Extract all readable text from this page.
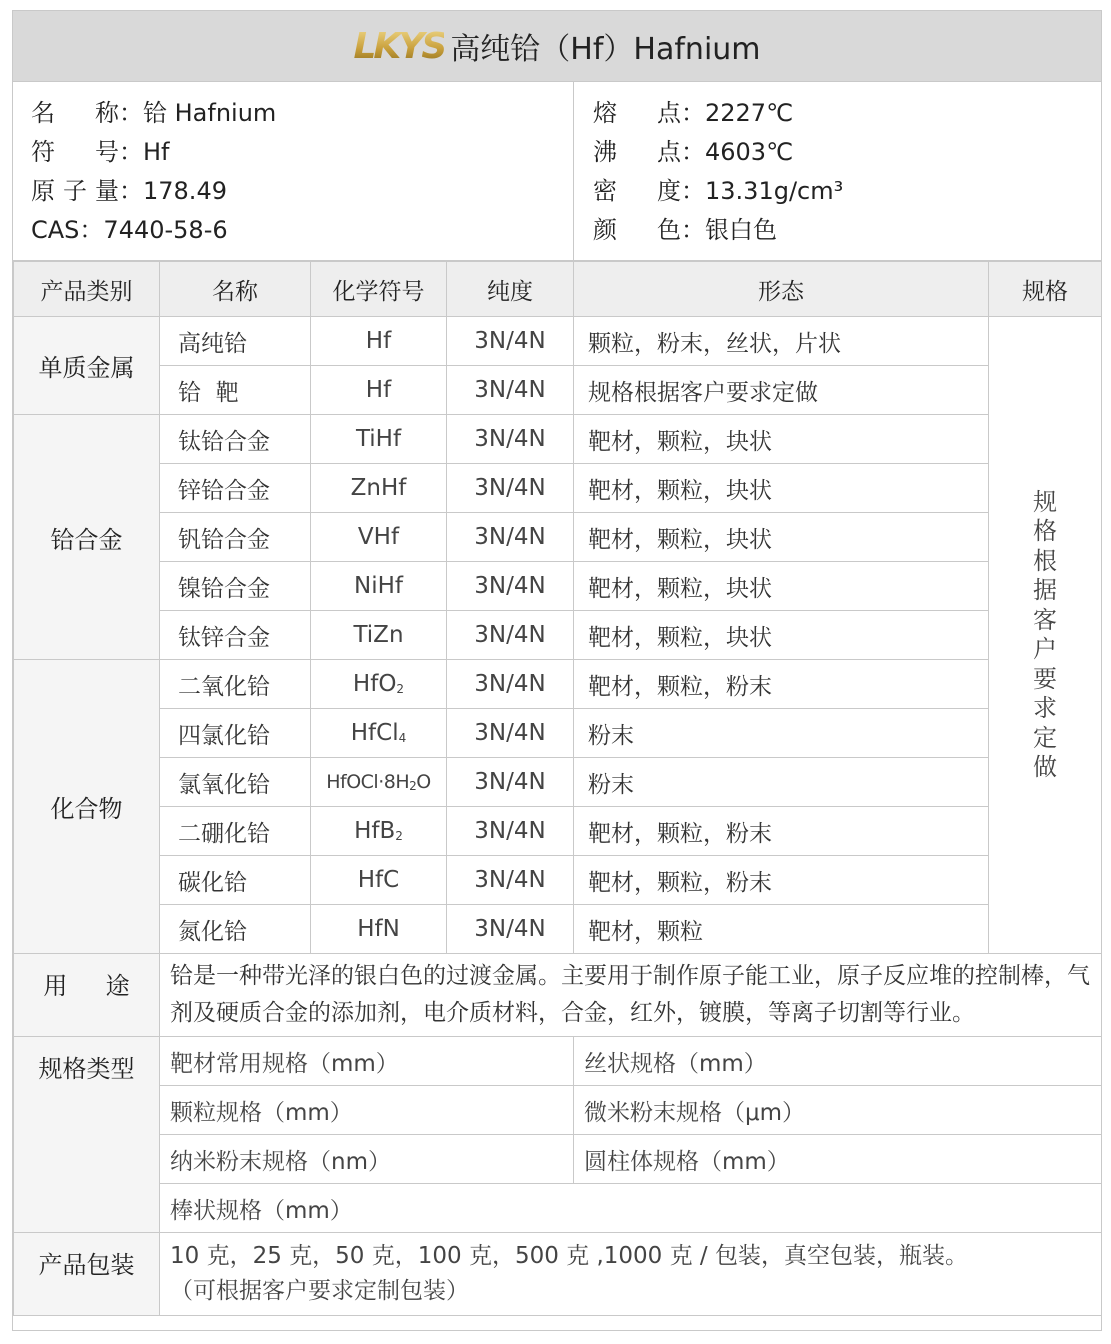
LKYS 高纯铪（Hf）Hafnium
名 称：铪 Hafnium
符 号：Hf
原子量：178.49
CAS：7440-58-6
熔 点：2227℃
沸 点：4603℃
密 度：13.31g/cm³
颜 色：银白色
产品类别	名称	化学符号	纯度	形态	规格
单质金属	高纯铪	Hf	3N/4N	颗粒，粉末，丝状，片状	规格根据客户要求定做
	铪  靶	Hf	3N/4N	规格根据客户要求定做	
铪合金	钛铪合金	TiHf	3N/4N	靶材，颗粒，块状	
	锌铪合金	ZnHf	3N/4N	靶材，颗粒，块状	
	钒铪合金	VHf	3N/4N	靶材，颗粒，块状	
	镍铪合金	NiHf	3N/4N	靶材，颗粒，块状	
	钛锌合金	TiZn	3N/4N	靶材，颗粒，块状	
化合物	二氧化铪	HfO$_2$	3N/4N	靶材，颗粒，粉末	
	四氯化铪	HfCl$_4$	3N/4N	粉末	
	氯氧化铪	$HfOCl\cdot 8H_2O$	3N/4N	粉末	
	二硼化铪	HfB$_2$	3N/4N	靶材，颗粒，粉末	
	碳化铪	HfC	3N/4N	靶材，颗粒，粉末	
	氮化铪	HfN	3N/4N	靶材，颗粒	
用     途	铪是一种带光泽的银白色的过渡金属。主要用于制作原子能工业，原子反应堆的控制棒，气剂及硬质合金的添加剂，电介质材料，合金，红外，镀膜，等离子切割等行业。				

规格类型	靶材常用规格（mm）			丝状规格（mm）	
	颗粒规格（mm）			微米粉末规格（μm）	
	纳米粉末规格（nm）			圆柱体规格（mm）	
	棒状规格（mm）				
产品包装	10 克，25 克，50 克，100 克，500 克 ,1000 克 / 包装，真空包装，瓶装。
（可根据客户要求定制包装）				
